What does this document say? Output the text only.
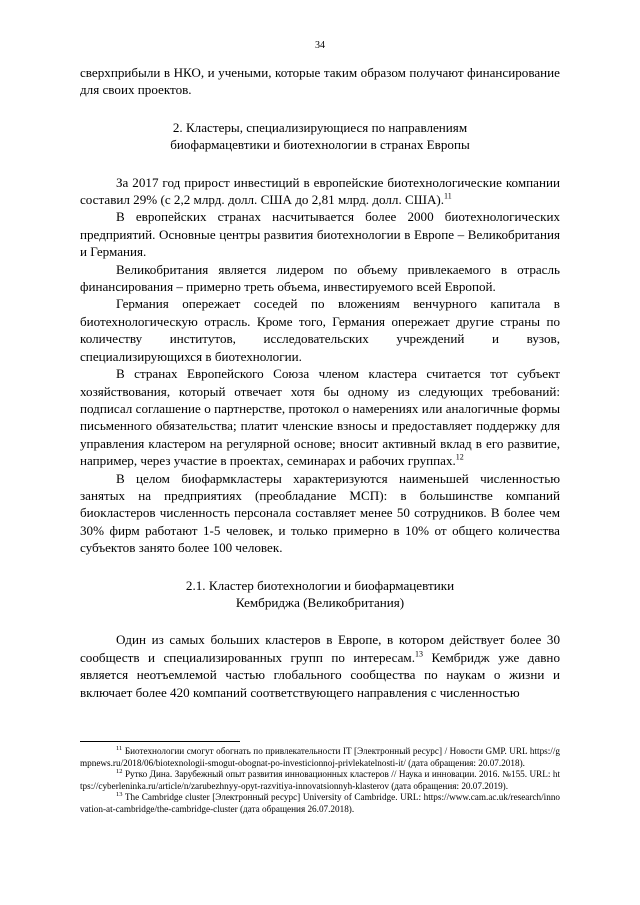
34

сверхприбыли в НКО, и учеными, которые таким образом получают финансирование для своих проектов.

2. Кластеры, специализирующиеся по направлениям
биофармацевтики и биотехнологии в странах Европы

За 2017 год прирост инвестиций в европейские биотехнологические компании составил 29% (с 2,2 млрд. долл. США до 2,81 млрд. долл. США).$^{11}$

В европейских странах насчитывается более 2000 биотехнологических предприятий. Основные центры развития биотехнологии в Европе – Великобритания и Германия.

Великобритания является лидером по объему привлекаемого в отрасль финансирования – примерно треть объема, инвестируемого всей Европой.

Германия опережает соседей по вложениям венчурного капитала в биотехнологическую отрасль. Кроме того, Германия опережает другие страны по количеству институтов, исследовательских учреждений и вузов, специализирующихся в биотехнологии.

В странах Европейского Союза членом кластера считается тот субъект хозяйствования, который отвечает хотя бы одному из следующих требований: подписал соглашение о партнерстве, протокол о намерениях или аналогичные формы письменного обязательства; платит членские взносы и предоставляет поддержку для управления кластером на регулярной основе; вносит активный вклад в его развитие, например, через участие в проектах, семинарах и рабочих группах.$^{12}$

В целом биофармкластеры характеризуются наименьшей численностью занятых на предприятиях (преобладание МСП): в большинстве компаний биокластеров численность персонала составляет менее 50 сотрудников. В более чем 30% фирм работают 1-5 человек, и только примерно в 10% от общего количества субъектов занято более 100 человек.

2.1. Кластер биотехнологии и биофармацевтики
Кембриджа (Великобритания)

Один из самых больших кластеров в Европе, в котором действует более 30 сообществ и специализированных групп по интересам.$^{13}$ Кембридж уже давно является неотъемлемой частью глобального сообщества по наукам о жизни и включает более 420 компаний соответствующего направления с численностью

$^{11}$ Биотехнологии смогут обогнать по привлекательности IT [Электронный ресурс] / Новости GMP. URL https://gmpnews.ru/2018/06/biotexnologii-smogut-obognat-po-investicionnoj-privlekatelnosti-it/ (дата обращения: 20.07.2018).

$^{12}$ Рутко Дина. Зарубежный опыт развития инновационных кластеров // Наука и инновации. 2016. №155. URL: https://cyberleninka.ru/article/n/zarubezhnyy-opyt-razvitiya-innovatsionnyh-klasterov (дата обращения: 20.07.2019).

$^{13}$ The Cambridge cluster [Электронный ресурс] University of Cambridge. URL: https://www.cam.ac.uk/research/innovation-at-cambridge/the-cambridge-cluster (дата обращения 26.07.2018).
